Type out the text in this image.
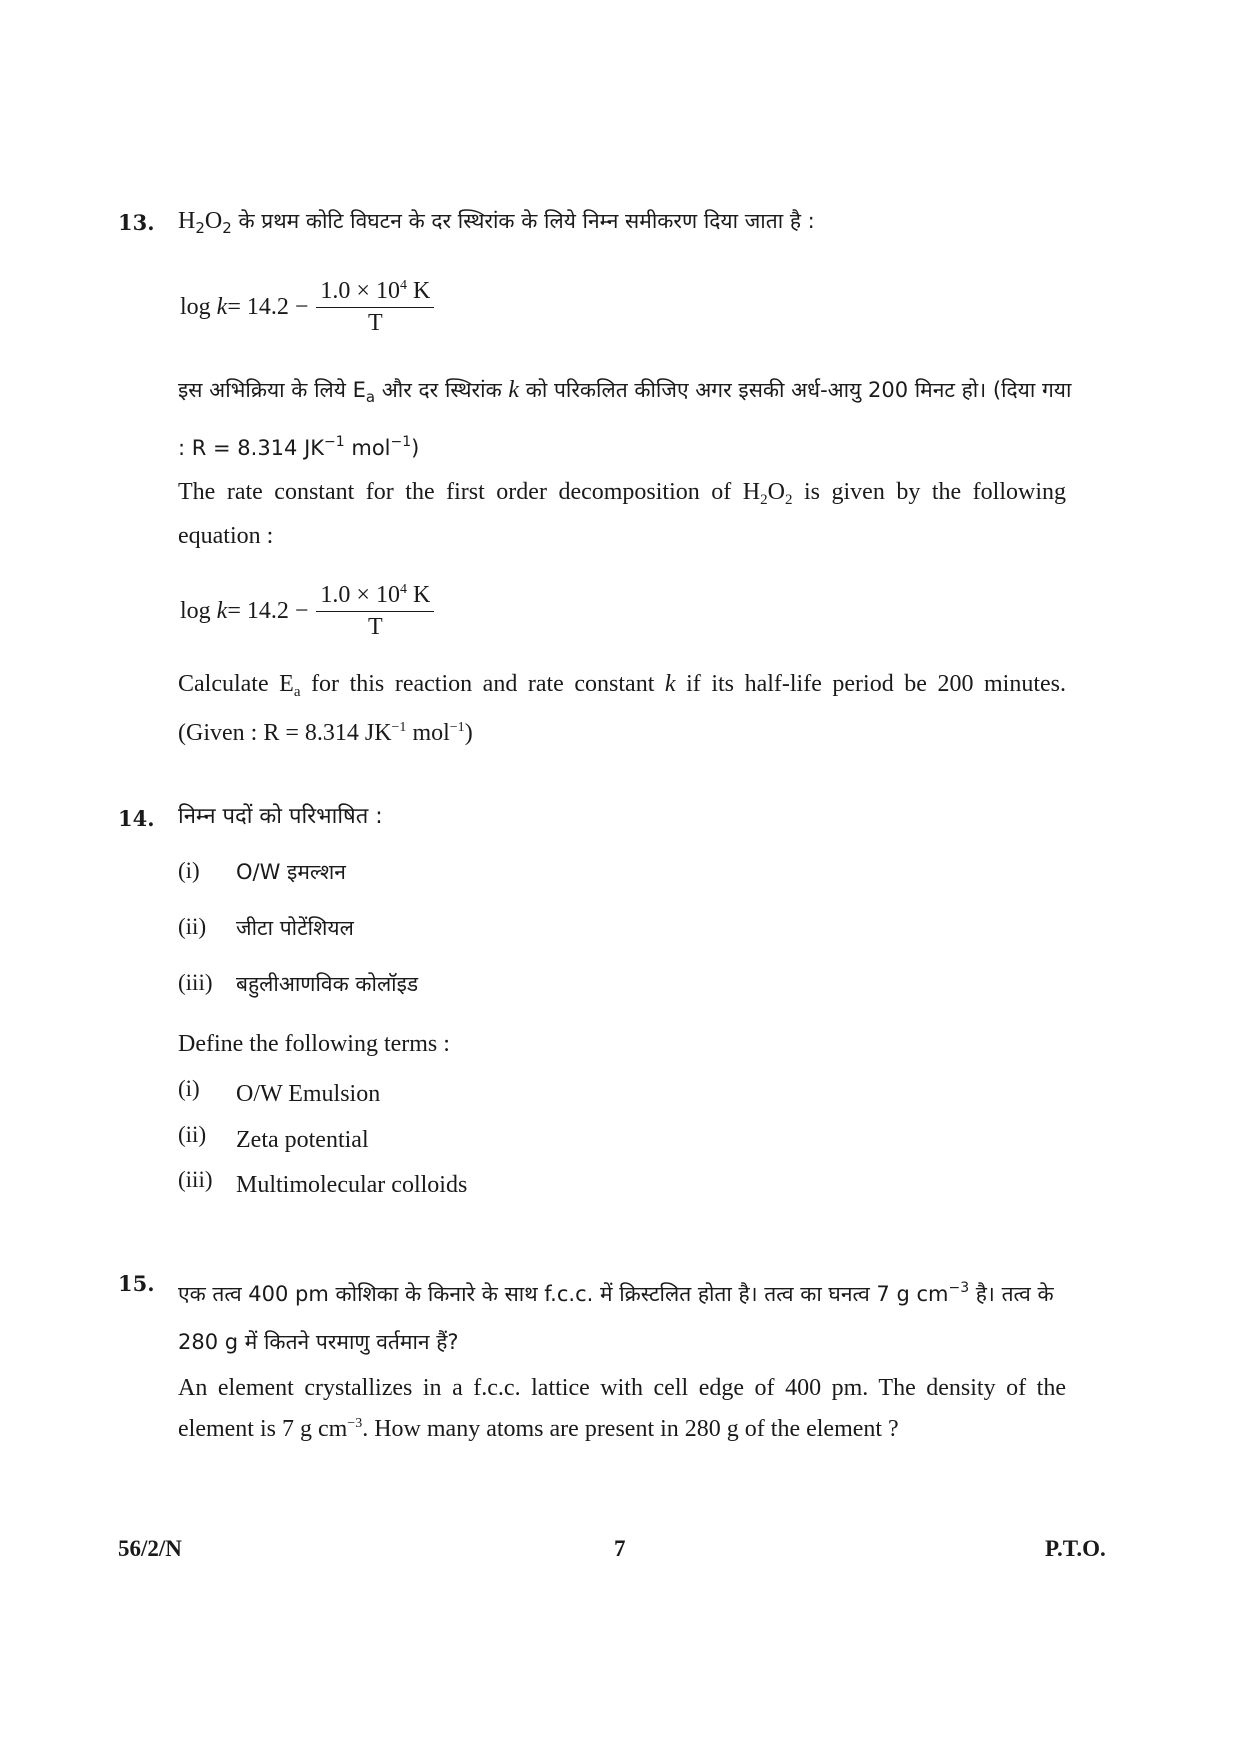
13. $H_2O_2$ के प्रथम कोटि विघटन के दर स्थिरांक के लिये निम्न समीकरण दिया जाता है :
log
$k = 14.2 - \frac{1.0 \times 10^4 K}{T}$
इस अभिक्रिया के लिये $E_a$ और दर स्थिरांक k को परिकलित कीजिए अगर इसकी अर्ध-आयु 200 मिनट हो। (दिया गया : R = 8.314 $JK^{-1}$ mol$^{-1}$)
The rate constant for the first order decomposition of $H_2O_2$ is given by the following equation :
log
$k = 14.2 - \frac{1.0 \times 10^4 K}{T}$
Calculate $E_a$ for this reaction and rate constant k if its half-life period be 200 minutes. (Given : R = 8.314 $JK^{-1}$ mol$^{-1}$)
14. निम्न पदों को परिभाषित :
(i)	O/W इमल्शन
(ii)	जीटा पोटेंशियल
(iii)	बहुलीआणविक कोलॉइड
Define the following terms :
(i)	O/W Emulsion
(ii)	Zeta potential
(iii) Multimolecular colloids
15. एक तत्व 400 pm कोशिका के किनारे के साथ f.c.c. में क्रिस्टलित होता है। तत्व का घनत्व 7 g $cm^{-3}$ है। तत्व के 280 g में कितने परमाणु वर्तमान हैं?
An element crystallizes in a f.c.c. lattice with cell edge of 400 pm. The density of the element is 7 g $cm^{-3}$. How many atoms are present in 280 g of the element ?
56/2/N	7	P.T.O.
